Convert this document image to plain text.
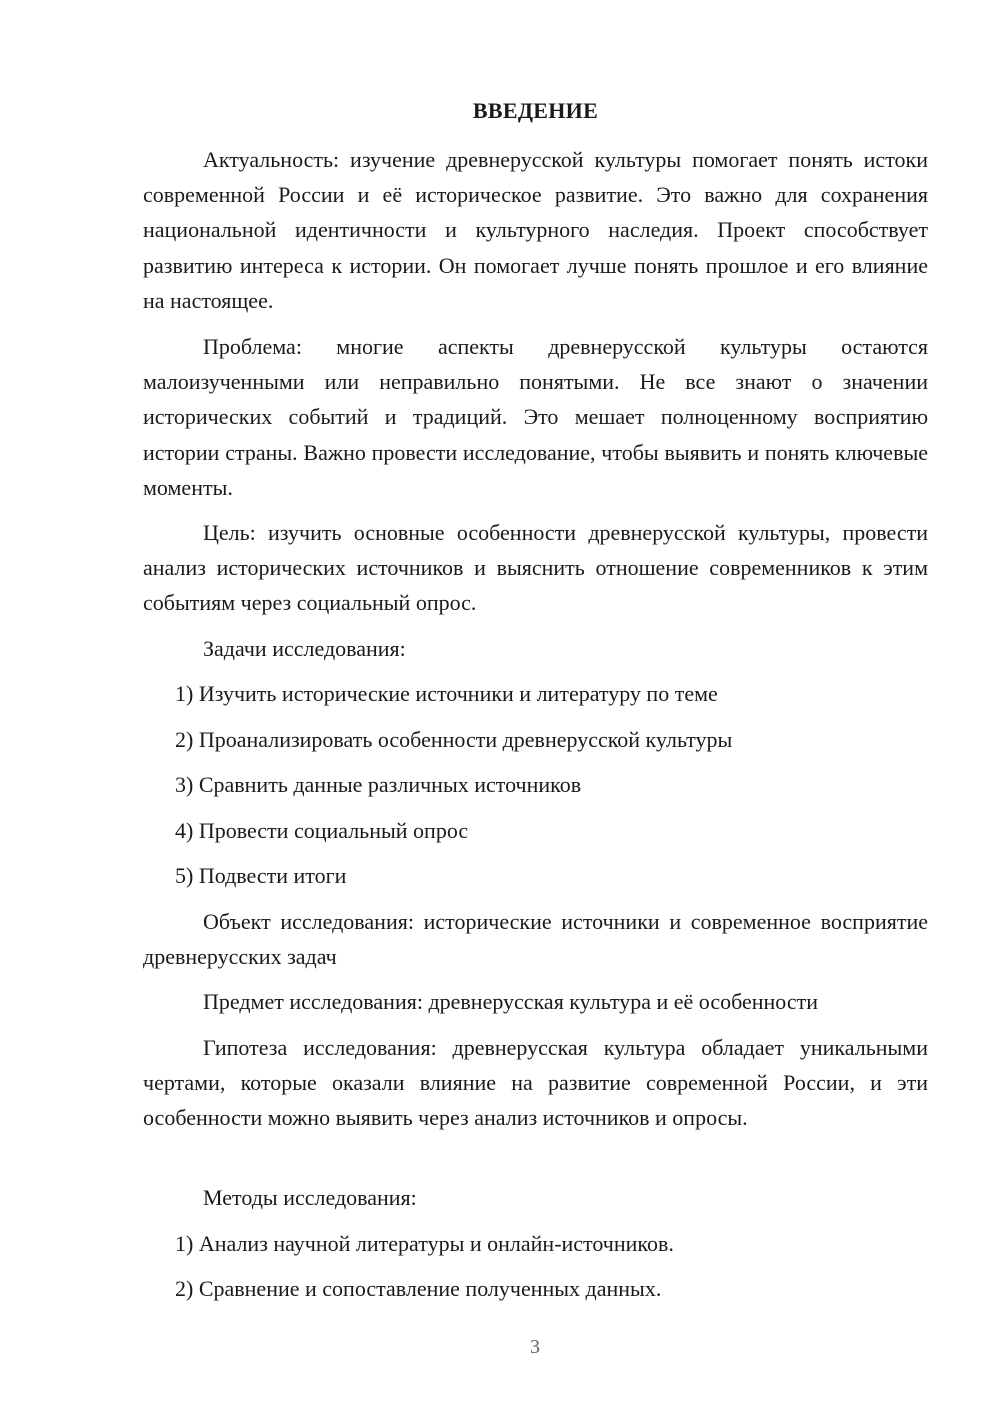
ВВЕДЕНИЕ

Актуальность: изучение древнерусской культуры помогает понять истоки современной России и её историческое развитие. Это важно для сохранения национальной идентичности и культурного наследия. Проект способствует развитию интереса к истории. Он помогает лучше понять прошлое и его влияние на настоящее.

Проблема: многие аспекты древнерусской культуры остаются малоизученными или неправильно понятыми. Не все знают о значении исторических событий и традиций. Это мешает полноценному восприятию истории страны. Важно провести исследование, чтобы выявить и понять ключевые моменты.

Цель: изучить основные особенности древнерусской культуры, провести анализ исторических источников и выяснить отношение современников к этим событиям через социальный опрос.

Задачи исследования:

1) Изучить исторические источники и литературу по теме

2) Проанализировать особенности древнерусской культуры

3) Сравнить данные различных источников

4) Провести социальный опрос

5) Подвести итоги

Объект исследования: исторические источники и современное восприятие древнерусских задач

Предмет исследования: древнерусская культура и её особенности

Гипотеза исследования: древнерусская культура обладает уникальными чертами, которые оказали влияние на развитие современной России, и эти особенности можно выявить через анализ источников и опросы.

Методы исследования:

1) Анализ научной литературы и онлайн-источников.

2) Сравнение и сопоставление полученных данных.

3
